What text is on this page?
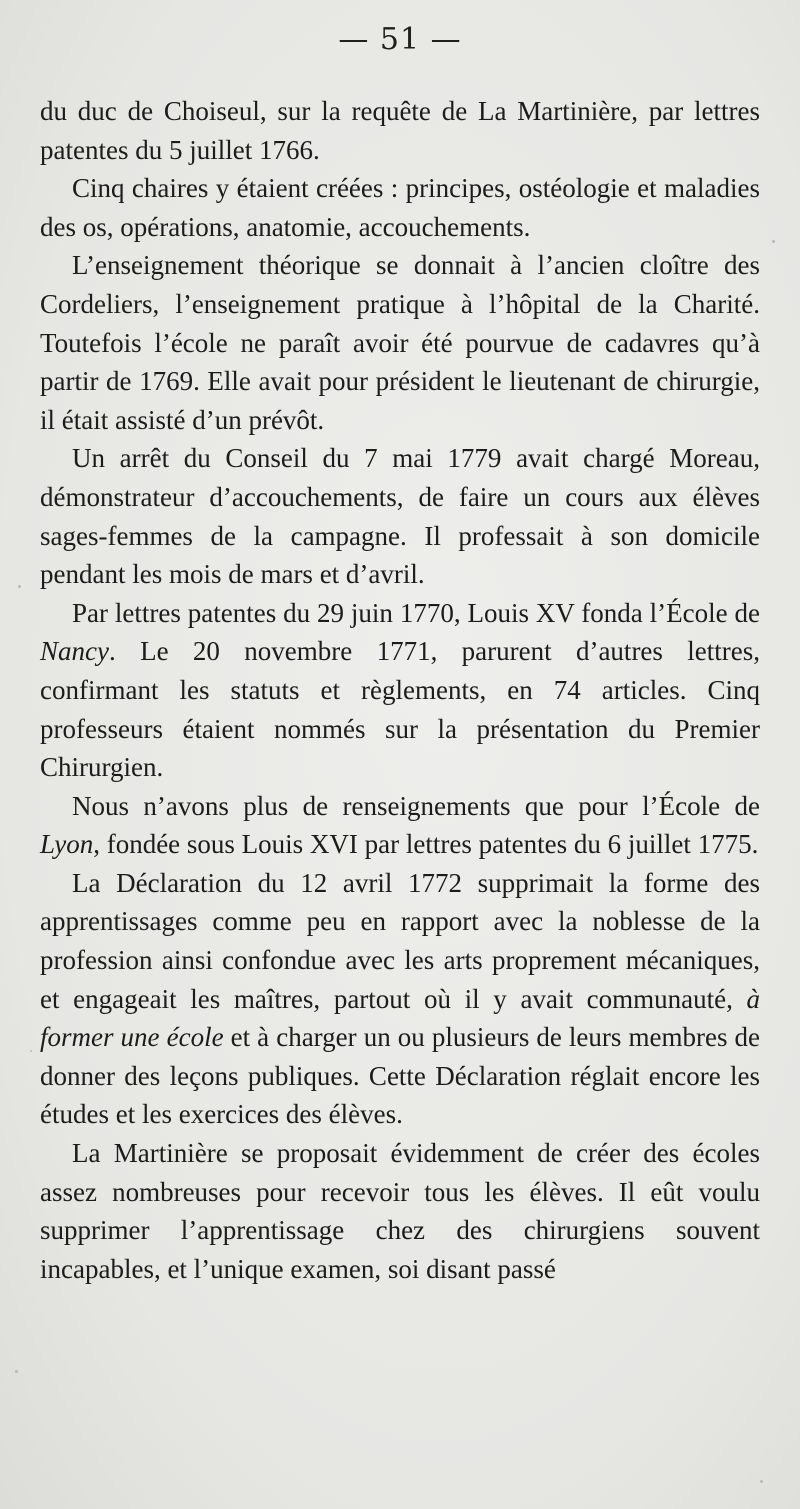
— 51 —

du duc de Choiseul, sur la requête de La Martinière, par lettres patentes du 5 juillet 1766.

Cinq chaires y étaient créées : principes, ostéologie et maladies des os, opérations, anatomie, accouchements.

L’enseignement théorique se donnait à l’ancien cloître des Cordeliers, l’enseignement pratique à l’hôpital de la Charité. Toutefois l’école ne paraît avoir été pourvue de cadavres qu’à partir de 1769. Elle avait pour président le lieutenant de chirurgie, il était assisté d’un prévôt.

Un arrêt du Conseil du 7 mai 1779 avait chargé Moreau, démonstrateur d’accouchements, de faire un cours aux élèves sages-femmes de la campagne. Il professait à son domicile pendant les mois de mars et d’avril.

Par lettres patentes du 29 juin 1770, Louis XV fonda l’École de Nancy. Le 20 novembre 1771, parurent d’autres lettres, confirmant les statuts et règlements, en 74 articles. Cinq professeurs étaient nommés sur la présentation du Premier Chirurgien.

Nous n’avons plus de renseignements que pour l’École de Lyon, fondée sous Louis XVI par lettres patentes du 6 juillet 1775.

La Déclaration du 12 avril 1772 supprimait la forme des apprentissages comme peu en rapport avec la noblesse de la profession ainsi confondue avec les arts proprement mécaniques, et engageait les maîtres, partout où il y avait communauté, à former une école et à charger un ou plusieurs de leurs membres de donner des leçons publiques. Cette Déclaration réglait encore les études et les exercices des élèves.

La Martinière se proposait évidemment de créer des écoles assez nombreuses pour recevoir tous les élèves. Il eût voulu supprimer l’apprentissage chez des chirurgiens souvent incapables, et l’unique examen, soi disant passé
